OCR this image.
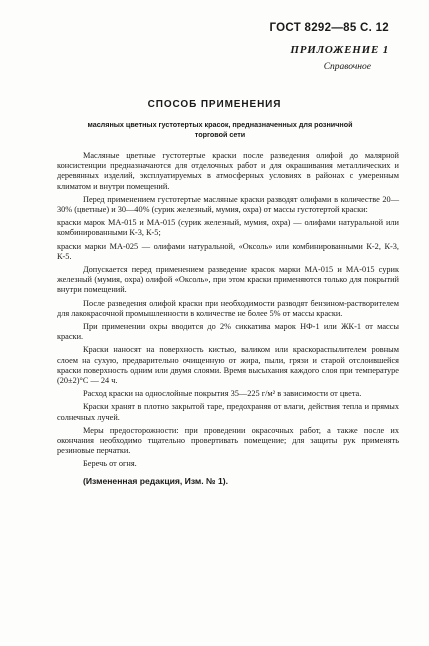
ГОСТ 8292—85 С. 12
ПРИЛОЖЕНИЕ 1
Справочное
СПОСОБ ПРИМЕНЕНИЯ
масляных цветных густотертых красок, предназначенных для розничной торговой сети

Масляные цветные густотертые краски после разведения олифой до малярной консистенции предназначаются для отделочных работ и для окрашивания металлических и деревянных изделий, эксплуатируемых в атмосферных условиях в районах с умеренным климатом и внутри помещений.

Перед применением густотертые масляные краски разводят олифами в количестве 20—30% (цветные) и 30—40% (сурик железный, мумия, охра) от массы густотертой краски:

краски марок МА-015 и МА-015 (сурик железный, мумия, охра) — олифами натуральной или комбинированными К-3, К-5;

краски марки МА-025 — олифами натуральной, «Оксоль» или комбинированными К-2, К-3, К-5.

Допускается перед применением разведение красок марки МА-015 и МА-015 сурик железный (мумия, охра) олифой «Оксоль», при этом краски применяются только для покрытий внутри помещений.

После разведения олифой краски при необходимости разводят бензином-растворителем для лакокрасочной промышленности в количестве не более 5% от массы краски.

При применении охры вводится до 2% сиккатива марок НФ-1 или ЖК-1 от массы краски.

Краски наносят на поверхность кистью, валиком или краскораспылителем ровным слоем на сухую, предварительно очищенную от жира, пыли, грязи и старой отслоившейся краски поверхность одним или двумя слоями. Время высыхания каждого слоя при температуре (20±2)°С — 24 ч.

Расход краски на однослойные покрытия 35—225 г/м² в зависимости от цвета.

Краски хранят в плотно закрытой таре, предохраняя от влаги, действия тепла и прямых солнечных лучей.

Меры предосторожности: при проведении окрасочных работ, а также после их окончания необходимо тщательно провертивать помещение; для защиты рук применять резиновые перчатки.

Беречь от огня.

(Измененная редакция, Изм. № 1).
